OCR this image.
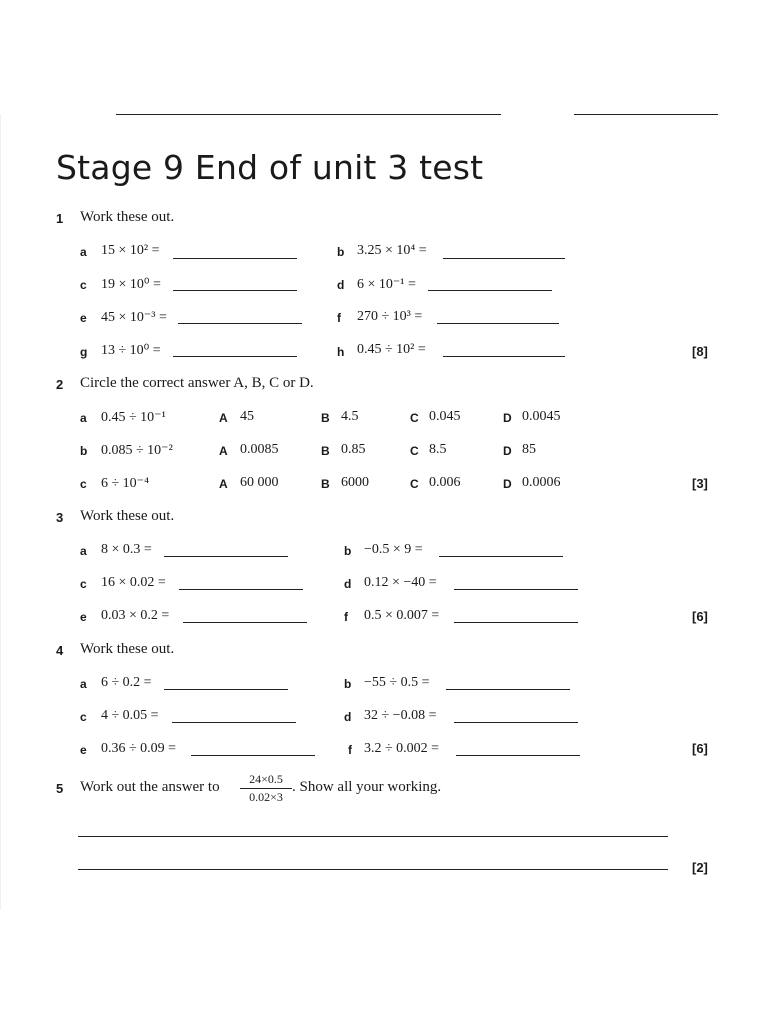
Stage 9 End of unit 3 test
1 Work these out.
a 15 × 10² =	b 3.25 × 10⁴ =
c 19 × 10⁰ =	d 6 × 10⁻¹ =
e 45 × 10⁻³ =	f 270 ÷ 10³ =
g 13 ÷ 10⁰ =	h 0.45 ÷ 10² =	[8]
2 Circle the correct answer A, B, C or D.
a 0.45 ÷ 10⁻¹	A 45	B 4.5	C 0.045	D 0.0045
b 0.085 ÷ 10⁻²	A 0.0085	B 0.85	C 8.5	D 85
c 6 ÷ 10⁻⁴	A 60 000	B 6000	C 0.006	D 0.0006	[3]
3 Work these out.
a 8 × 0.3 =	b −0.5 × 9 =
c 16 × 0.02 =	d 0.12 × −40 =
e 0.03 × 0.2 =	f 0.5 × 0.007 =	[6]
4 Work these out.
a 6 ÷ 0.2 =	b −55 ÷ 0.5 =
c 4 ÷ 0.05 =	d 32 ÷ −0.08 =
e 0.36 ÷ 0.09 =	f 3.2 ÷ 0.002 =	[6]
5 Work out the answer to $\frac{24\times 0.5}{0.02\times 3}$ . Show all your working.
[2]
